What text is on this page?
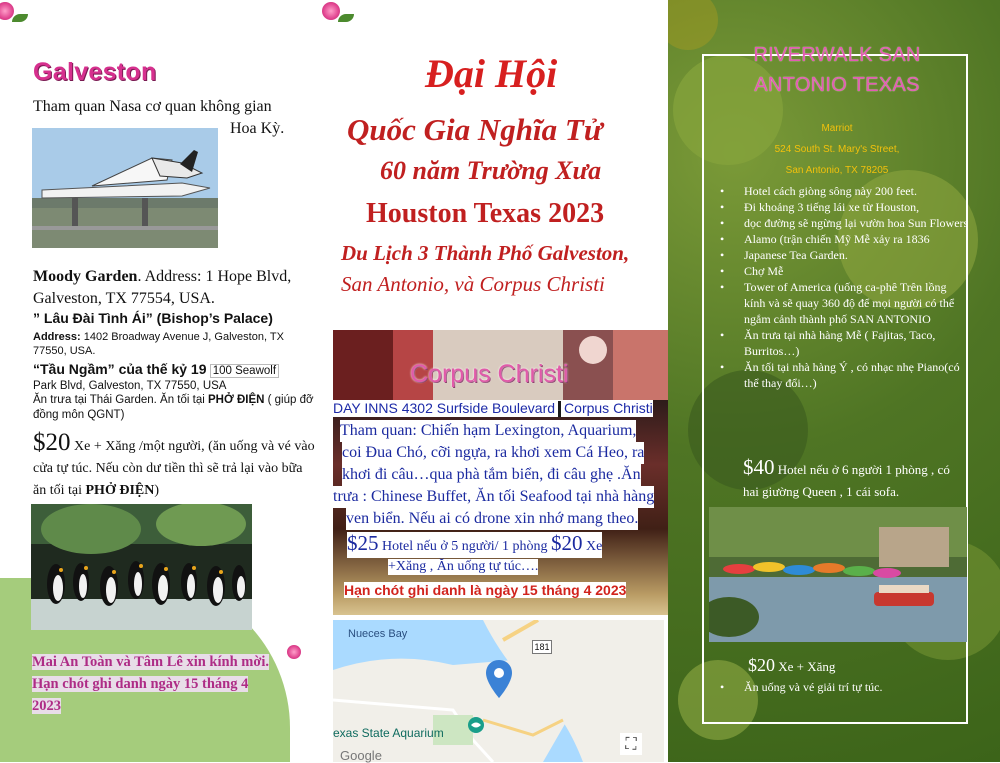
Galveston
Tham quan Nasa cơ quan không gian
Hoa Kỳ.
Moody Garden. Address: 1 Hope Blvd, Galveston, TX 77554, USA.
” Lâu Đài Tình Ái” (Bishop’s Palace)
Address: 1402 Broadway Avenue J, Galveston, TX 77550, USA.
“Tầu Ngầm” của thế kỷ 19 100 Seawolf
Park Blvd, Galveston, TX 77550, USA
Ăn trưa tại Thái Garden. Ăn tối tại PHỞ ĐIỆN ( giúp đỡ đồng môn QGNT)
$20 Xe + Xăng /một người, (ăn uống và vé vào cửa tự túc. Nếu còn dư tiền thì sẽ trả lại vào bữa ăn tối tại PHỞ ĐIỆN)
Mai An Toàn và Tâm Lê xin kính mời.
Hạn chót ghi danh ngày 15 tháng 4
2023
Đại Hội
Quốc Gia Nghĩa Tử
60 năm Trường Xưa
Houston Texas 2023
Du Lịch 3 Thành Phố Galveston,
San Antonio, và Corpus Christi
Corpus Christi
DAY INNS 4302 Surfside Boulevard Corpus Christi
Tham quan: Chiến hạm Lexington, Aquarium,
coi Đua Chó, cỡi ngựa, ra khơi xem Cá Heo, ra
khơi đi câu…qua phà tắm biển, đi câu ghẹ .Ăn
trưa : Chinese Buffet, Ăn tối Seafood tại nhà hàng
ven biển. Nếu ai có drone xin nhớ mang theo.
$25 Hotel nếu ở 5 người/ 1 phòng $20 Xe
+Xăng , Ăn uống tự túc….
Hạn chót ghi danh là ngày 15 tháng 4 2023
Nueces Bay
181
exas State Aquarium
⛶
Google
RIVERWALK SAN ANTONIO TEXAS
Marriot
524 South St. Mary's Street,
San Antonio, TX 78205
• Hotel cách giòng sông này 200 feet.
• Đi khoảng 3 tiếng lái xe từ Houston,
• dọc đường sẽ ngừng lại vườn hoa Sun Flowers
• Alamo (trận chiến Mỹ Mễ xảy ra 1836
• Japanese Tea Garden.
• Chợ Mễ
• Tower of America (uống ca-phê Trên lồng kính và sẽ quay 360 độ để mọi người có thể ngắm cảnh thành phố SAN ANTONIO
• Ăn trưa tại nhà hàng Mễ ( Fajitas, Taco, Burritos…)
• Ăn tối tại nhà hàng Ý , có nhạc nhẹ Piano(có thể thay đổi…)
$40 Hotel nếu ở 6 người 1 phòng , có hai giường Queen , 1 cái sofa.
$20 Xe + Xăng
• Ăn uống và vé giải trí tự túc.
